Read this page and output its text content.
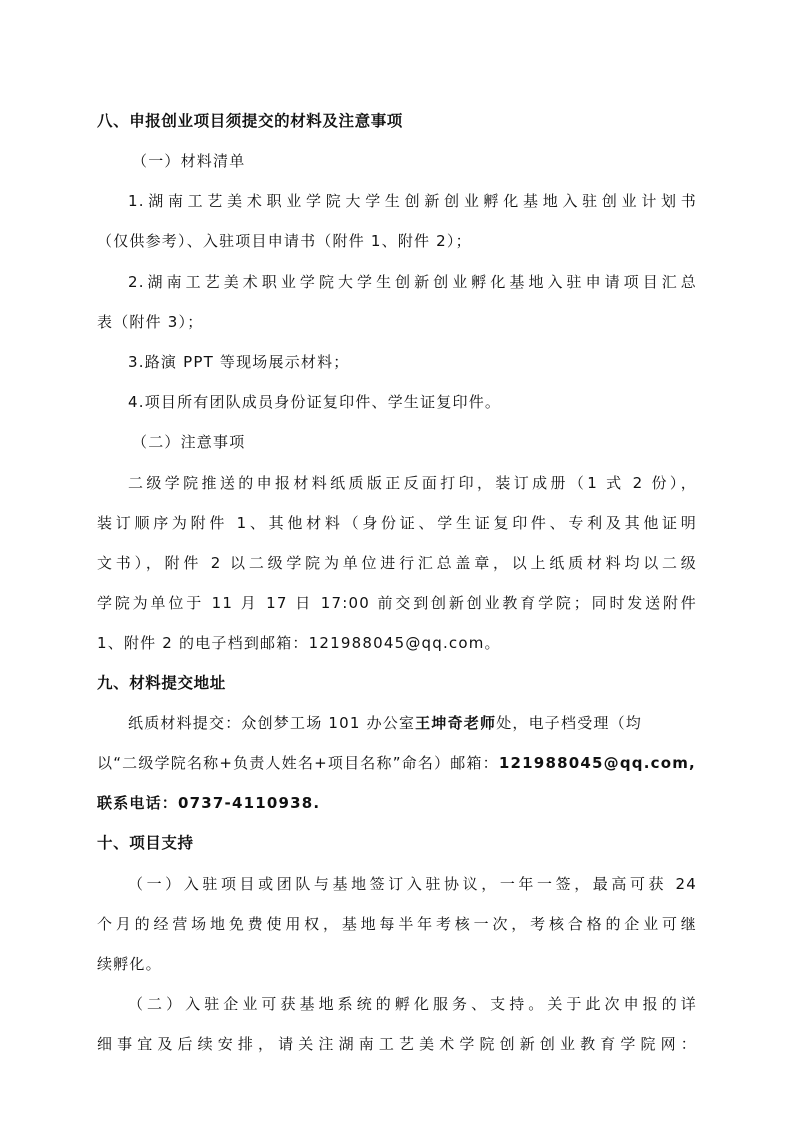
八、申报创业项目须提交的材料及注意事项
（一）材料清单
1.湖南工艺美术职业学院大学生创新创业孵化基地入驻创业计划书
（仅供参考）、入驻项目申请书（附件 1、附件 2）；
2.湖南工艺美术职业学院大学生创新创业孵化基地入驻申请项目汇总
表（附件 3）；
3.路演 PPT 等现场展示材料；
4.项目所有团队成员身份证复印件、学生证复印件。
（二）注意事项
二级学院推送的申报材料纸质版正反面打印，装订成册（1 式 2 份），
装订顺序为附件 1、其他材料（身份证、学生证复印件、专利及其他证明
文书），附件 2 以二级学院为单位进行汇总盖章，以上纸质材料均以二级
学院为单位于 11 月 17 日 17:00 前交到创新创业教育学院；同时发送附件
1、附件 2 的电子档到邮箱：121988045@qq.com。
九、材料提交地址
纸质材料提交：众创梦工场 101 办公室王坤奇老师处，电子档受理（均
以“二级学院名称+负责人姓名+项目名称”命名）邮箱：121988045@qq.com,
联系电话：0737-4110938.
十、项目支持
（一）入驻项目或团队与基地签订入驻协议，一年一签，最高可获 24
个月的经营场地免费使用权，基地每半年考核一次，考核合格的企业可继
续孵化。
（二）入驻企业可获基地系统的孵化服务、支持。关于此次申报的详
细事宜及后续安排，请关注湖南工艺美术学院创新创业教育学院网：
